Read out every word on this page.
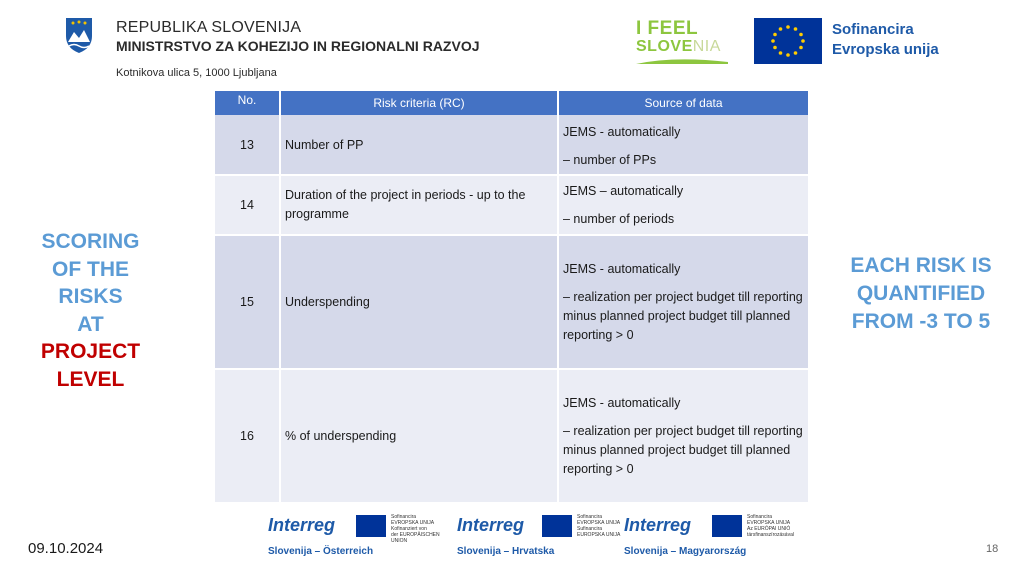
REPUBLIKA SLOVENIJA
MINISTRSTVO ZA KOHEZIJO IN REGIONALNI RAZVOJ
Kotnikova ulica 5, 1000 Ljubljana
I FEEL
SLOVENIA
Sofinancira
Evropska unija
SCORING
OF THE
RISKS
AT
PROJECT
LEVEL
EACH RISK IS
QUANTIFIED
FROM -3 TO 5
No.	Risk criteria (RC)	Source of data
13	Number of PP	JEMS - automatically
– number of PPs

14	Duration of the project in periods - up to the programme	JEMS – automatically
– number of periods

15	Underspending	JEMS - automatically
– realization per project budget till reporting minus planned project budget till planned reporting > 0

16	% of underspending	JEMS - automatically
– realization per project budget till reporting minus planned project budget till planned reporting > 0
09.10.2024	18
Interreg	Sofinancira
EVROPSKA UNIJA
Kofinanziert von
der EUROPÄISCHEN UNION
Slovenija – Österreich
Interreg	Sofinancira
EVROPSKA UNIJA
Sufinancira
EUROPSKA UNIJA
Slovenija – Hrvatska
Interreg	Sofinancira
EVROPSKA UNIJA
Az EURÓPAI UNIÓ
társfinanszírozásával
Slovenija – Magyarország
